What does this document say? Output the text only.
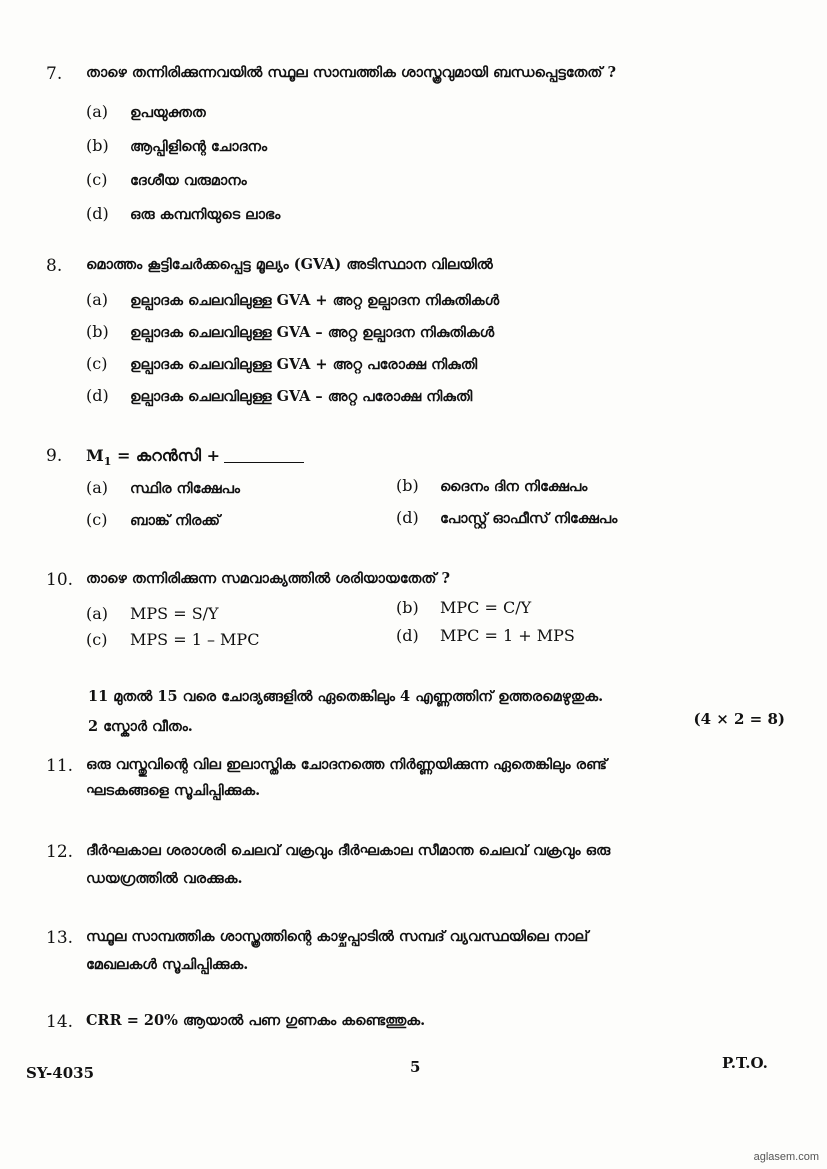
7. താഴെ തന്നിരിക്കുന്നവയിൽ സ്ഥൂല സാമ്പത്തിക ശാസ്ത്രവുമായി ബന്ധപ്പെട്ടതേത് ?
(a) ഉപയുക്തത
(b) ആപ്പിളിന്റെ ചോദനം
(c) ദേശീയ വരുമാനം
(d) ഒരു കമ്പനിയുടെ ലാഭം
8. മൊത്തം കൂട്ടിചേർക്കപ്പെട്ട മൂല്യം (GVA) അടിസ്ഥാന വിലയിൽ
(a) ഉല്പാദക ചെലവിലുള്ള GVA + അറ്റ ഉല്പാദന നികുതികൾ
(b) ഉല്പാദക ചെലവിലുള്ള GVA – അറ്റ ഉല്പാദന നികുതികൾ
(c) ഉല്പാദക ചെലവിലുള്ള GVA + അറ്റ പരോക്ഷ നികുതി
(d) ഉല്പാദക ചെലവിലുള്ള GVA – അറ്റ പരോക്ഷ നികുതി
9. $M_1$ = കറൻസി +
(a) സ്ഥിര നിക്ഷേപം	(b) ദൈനം ദിന നിക്ഷേപം
(c) ബാങ്ക് നിരക്ക്	(d) പോസ്റ്റ് ഓഫീസ് നിക്ഷേപം
10. താഴെ തന്നിരിക്കുന്ന സമവാക്യത്തിൽ ശരിയായതേത് ?
(a) MPS = S/Y	(b) MPC = C/Y
(c) MPS = 1 – MPC	(d) MPC = 1 + MPS
11 മുതൽ 15 വരെ ചോദ്യങ്ങളിൽ ഏതെങ്കിലും 4 എണ്ണത്തിന് ഉത്തരമെഴുതുക.
2 സ്കോർ വീതം.	(4 × 2 = 8)
11. ഒരു വസ്തുവിന്റെ വില ഇലാസ്തിക ചോദനത്തെ നിർണ്ണയിക്കുന്ന ഏതെങ്കിലും രണ്ട്
ഘടകങ്ങളെ സൂചിപ്പിക്കുക.
12. ദീർഘകാല ശരാശരി ചെലവ് വക്രവും ദീർഘകാല സീമാന്ത ചെലവ് വക്രവും ഒരു
ഡയഗ്രത്തിൽ വരക്കുക.
13. സ്ഥൂല സാമ്പത്തിക ശാസ്ത്രത്തിന്റെ കാഴ്ചപ്പാടിൽ സമ്പദ് വ്യവസ്ഥയിലെ നാല്
മേഖലകൾ സൂചിപ്പിക്കുക.
14. CRR = 20% ആയാൽ പണ ഗുണകം കണ്ടെത്തുക.
SY-4035	5	P.T.O.
aglasem.com
